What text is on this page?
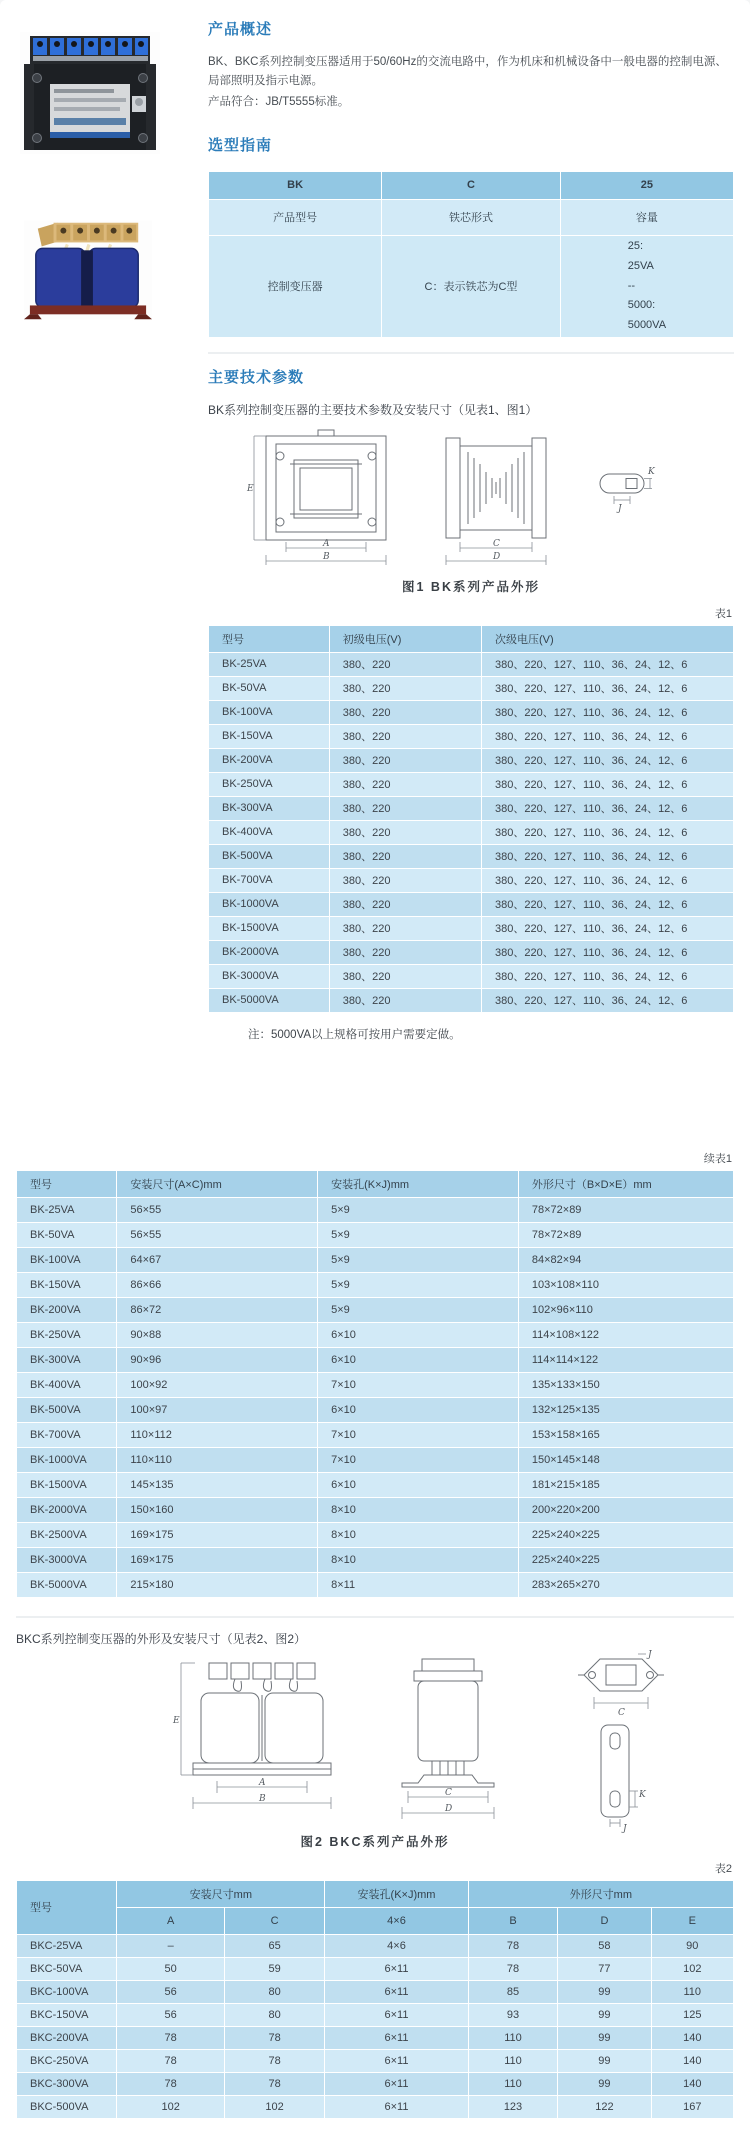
产品概述

BK、BKC系列控制变压器适用于50/60Hz的交流电路中，作为机床和机械设备中一般电器的控制电源、局部照明及指示电源。

产品符合：JB/T5555标准。

选型指南
BK	C	25
产品型号	铁芯形式	容量
控制变压器	C：表示铁芯为C型	25:
25VA
--
5000:
5000VA
主要技术参数

BK系列控制变压器的主要技术参数及安装尺寸（见表1、图1）

E
A
B
C
D
K
J
图1 BK系列产品外形
表1
型号	初级电压(V)	次级电压(V)
BK-25VA	380、220	380、220、127、110、36、24、12、6
BK-50VA	380、220	380、220、127、110、36、24、12、6
BK-100VA	380、220	380、220、127、110、36、24、12、6
BK-150VA	380、220	380、220、127、110、36、24、12、6
BK-200VA	380、220	380、220、127、110、36、24、12、6
BK-250VA	380、220	380、220、127、110、36、24、12、6
BK-300VA	380、220	380、220、127、110、36、24、12、6
BK-400VA	380、220	380、220、127、110、36、24、12、6
BK-500VA	380、220	380、220、127、110、36、24、12、6
BK-700VA	380、220	380、220、127、110、36、24、12、6
BK-1000VA	380、220	380、220、127、110、36、24、12、6
BK-1500VA	380、220	380、220、127、110、36、24、12、6
BK-2000VA	380、220	380、220、127、110、36、24、12、6
BK-3000VA	380、220	380、220、127、110、36、24、12、6
BK-5000VA	380、220	380、220、127、110、36、24、12、6

注：5000VA以上规格可按用户需要定做。

续表1
型号	安装尺寸(A×C)mm	安装孔(K×J)mm	外形尺寸（B×D×E）mm
BK-25VA	56×55	5×9	78×72×89
BK-50VA	56×55	5×9	78×72×89
BK-100VA	64×67	5×9	84×82×94
BK-150VA	86×66	5×9	103×108×110
BK-200VA	86×72	5×9	102×96×110
BK-250VA	90×88	6×10	114×108×122
BK-300VA	90×96	6×10	114×114×122
BK-400VA	100×92	7×10	135×133×150
BK-500VA	100×97	6×10	132×125×135
BK-700VA	110×112	7×10	153×158×165
BK-1000VA	110×110	7×10	150×145×148
BK-1500VA	145×135	6×10	181×215×185
BK-2000VA	150×160	8×10	200×220×200
BK-2500VA	169×175	8×10	225×240×225
BK-3000VA	169×175	8×10	225×240×225
BK-5000VA	215×180	8×11	283×265×270

BKC系列控制变压器的外形及安装尺寸（见表2、图2）

E
A
B
C
D
C
J
K
J
图2 BKC系列产品外形
表2
型号	安装尺寸mm		安装孔(K×J)mm	外形尺寸mm		
	A	C	4×6	B	D	E
BKC-25VA	–	65	4×6	78	58	90
BKC-50VA	50	59	6×11	78	77	102
BKC-100VA	56	80	6×11	85	99	110
BKC-150VA	56	80	6×11	93	99	125
BKC-200VA	78	78	6×11	110	99	140
BKC-250VA	78	78	6×11	110	99	140
BKC-300VA	78	78	6×11	110	99	140
BKC-500VA	102	102	6×11	123	122	167
